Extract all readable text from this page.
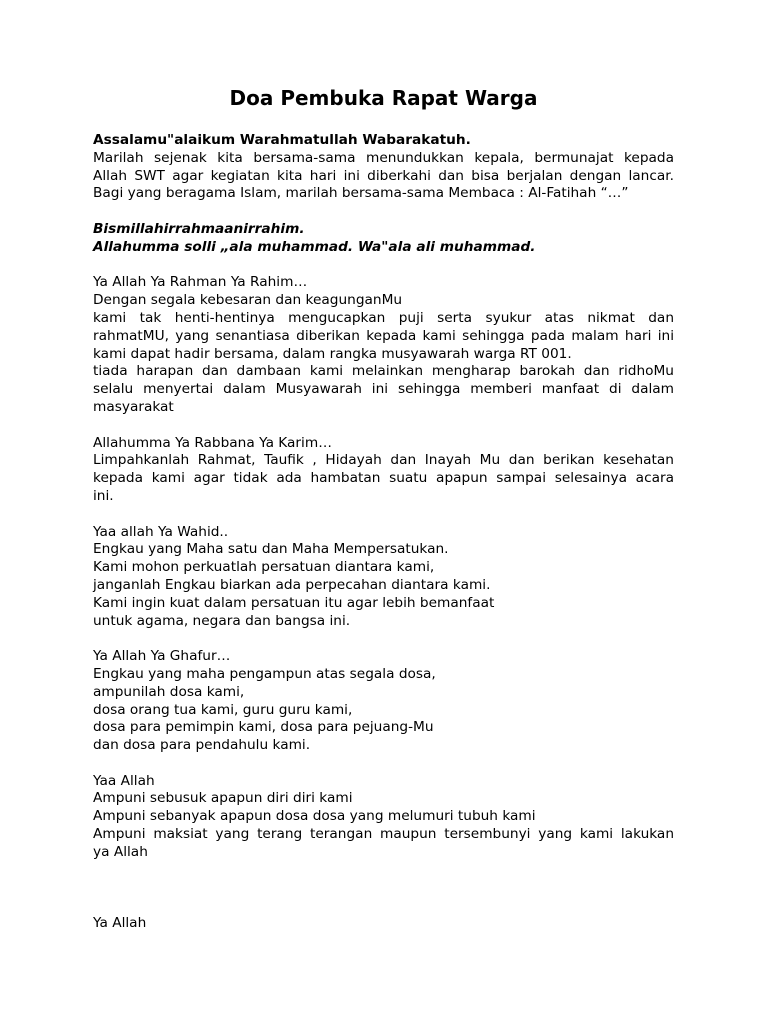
Doa Pembuka Rapat Warga
Assalamu"alaikum Warahmatullah Wabarakatuh.
Marilah sejenak kita bersama-sama menundukkan kepala, bermunajat kepada
Allah SWT agar kegiatan kita hari ini diberkahi dan bisa berjalan dengan lancar.
Bagi yang beragama Islam, marilah bersama-sama Membaca : Al-Fatihah “…”
Bismillahirrahmaanirrahim.
Allahumma solli „ala muhammad. Wa"ala ali muhammad.
Ya Allah Ya Rahman Ya Rahim…
Dengan segala kebesaran dan keagunganMu
kami tak henti-hentinya mengucapkan puji serta syukur atas nikmat dan
rahmatMU, yang senantiasa diberikan kepada kami sehingga pada malam hari ini
kami dapat hadir bersama, dalam rangka musyawarah warga RT 001.
tiada harapan dan dambaan kami melainkan mengharap barokah dan ridhoMu
selalu menyertai dalam Musyawarah ini sehingga memberi manfaat di dalam
masyarakat
Allahumma Ya Rabbana Ya Karim…
Limpahkanlah Rahmat, Taufik , Hidayah dan Inayah Mu dan berikan kesehatan
kepada kami agar tidak ada hambatan suatu apapun sampai selesainya acara
ini.
Yaa allah Ya Wahid..
Engkau yang Maha satu dan Maha Mempersatukan.
Kami mohon perkuatlah persatuan diantara kami,
janganlah Engkau biarkan ada perpecahan diantara kami.
Kami ingin kuat dalam persatuan itu agar lebih bemanfaat
untuk agama, negara dan bangsa ini.
Ya Allah Ya Ghafur…
Engkau yang maha pengampun atas segala dosa,
ampunilah dosa kami,
dosa orang tua kami, guru guru kami,
dosa para pemimpin kami, dosa para pejuang-Mu
dan dosa para pendahulu kami.
Yaa Allah
Ampuni sebusuk apapun diri diri kami
Ampuni sebanyak apapun dosa dosa yang melumuri tubuh kami
Ampuni maksiat yang terang terangan maupun tersembunyi yang kami lakukan
ya Allah
Ya Allah
